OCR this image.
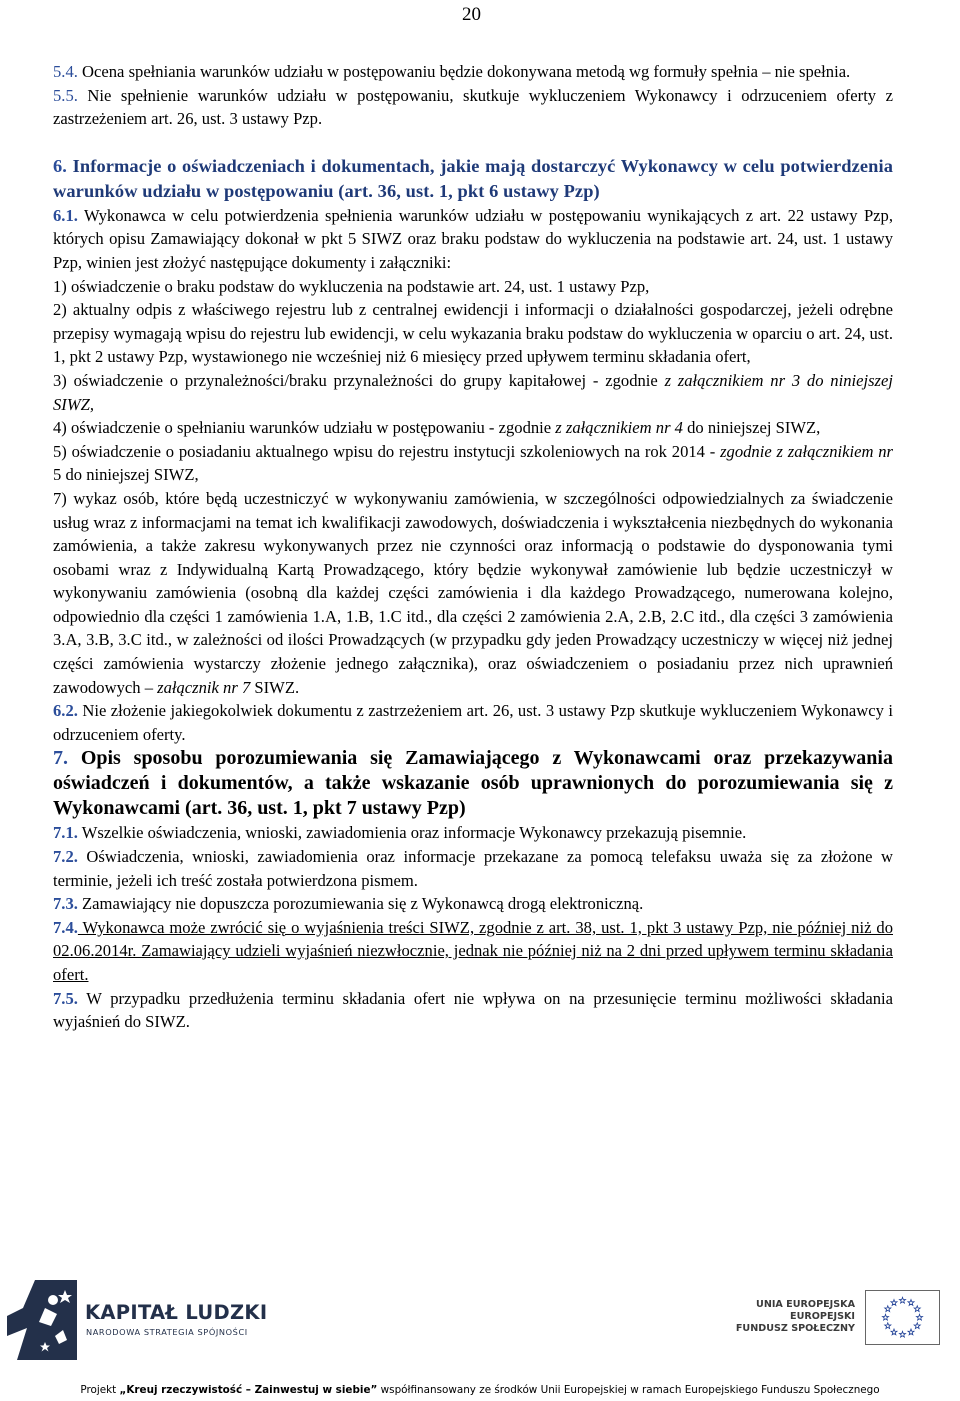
20

5.4. Ocena spełniania warunków udziału w postępowaniu będzie dokonywana metodą wg formuły spełnia – nie spełnia.

5.5. Nie spełnienie warunków udziału w postępowaniu, skutkuje wykluczeniem Wykonawcy i odrzuceniem oferty z zastrzeżeniem art. 26, ust. 3 ustawy Pzp.

6. Informacje o oświadczeniach i dokumentach, jakie mają dostarczyć Wykonawcy w celu potwierdzenia warunków udziału w postępowaniu (art. 36, ust. 1, pkt 6 ustawy Pzp)

6.1. Wykonawca w celu potwierdzenia spełnienia warunków udziału w postępowaniu wynikających z art. 22 ustawy Pzp, których opisu Zamawiający dokonał w pkt 5 SIWZ oraz braku podstaw do wykluczenia na podstawie art. 24, ust. 1 ustawy Pzp, winien jest złożyć następujące dokumenty i załączniki:

1) oświadczenie o braku podstaw do wykluczenia na podstawie art. 24, ust. 1 ustawy Pzp,

2) aktualny odpis z właściwego rejestru lub z centralnej ewidencji i informacji o działalności gospodarczej, jeżeli odrębne przepisy wymagają wpisu do rejestru lub ewidencji, w celu wykazania braku podstaw do wykluczenia w oparciu o art. 24, ust. 1, pkt 2 ustawy Pzp, wystawionego nie wcześniej niż 6 miesięcy przed upływem terminu składania ofert,

3) oświadczenie o przynależności/braku przynależności do grupy kapitałowej - zgodnie z załącznikiem nr 3 do niniejszej SIWZ,

4) oświadczenie o spełnianiu warunków udziału w postępowaniu - zgodnie z załącznikiem nr 4 do niniejszej SIWZ,

5) oświadczenie o posiadaniu aktualnego wpisu do rejestru instytucji szkoleniowych na rok 2014 - zgodnie z załącznikiem nr 5 do niniejszej SIWZ,

7) wykaz osób, które będą uczestniczyć w wykonywaniu zamówienia, w szczególności odpowiedzialnych za świadczenie usług wraz z informacjami na temat ich kwalifikacji zawodowych, doświadczenia i wykształcenia niezbędnych do wykonania zamówienia, a także zakresu wykonywanych przez nie czynności oraz informacją o podstawie do dysponowania tymi osobami wraz z Indywidualną Kartą Prowadzącego, który będzie wykonywał zamówienie lub będzie uczestniczył w wykonywaniu zamówienia (osobną dla każdej części zamówienia i dla każdego Prowadzącego, numerowana kolejno, odpowiednio dla części 1 zamówienia 1.A, 1.B, 1.C itd., dla części 2 zamówienia 2.A, 2.B, 2.C itd., dla części 3 zamówienia 3.A, 3.B, 3.C itd., w zależności od ilości Prowadzących (w przypadku gdy jeden Prowadzący uczestniczy w więcej niż jednej części zamówienia wystarczy złożenie jednego załącznika), oraz oświadczeniem o posiadaniu przez nich uprawnień zawodowych – załącznik nr 7 SIWZ.

6.2. Nie złożenie jakiegokolwiek dokumentu z zastrzeżeniem art. 26, ust. 3 ustawy Pzp skutkuje wykluczeniem Wykonawcy i odrzuceniem oferty.

7. Opis sposobu porozumiewania się Zamawiającego z Wykonawcami oraz przekazywania oświadczeń i dokumentów, a także wskazanie osób uprawnionych do porozumiewania się z Wykonawcami (art. 36, ust. 1, pkt 7 ustawy Pzp)

7.1. Wszelkie oświadczenia, wnioski, zawiadomienia oraz informacje Wykonawcy przekazują pisemnie.

7.2. Oświadczenia, wnioski, zawiadomienia oraz informacje przekazane za pomocą telefaksu uważa się za złożone w terminie, jeżeli ich treść została potwierdzona pismem.

7.3. Zamawiający nie dopuszcza porozumiewania się z Wykonawcą drogą elektroniczną.

7.4. Wykonawca może zwrócić się o wyjaśnienia treści SIWZ, zgodnie z art. 38, ust. 1, pkt 3 ustawy Pzp, nie później niż do 02.06.2014r. Zamawiający udzieli wyjaśnień niezwłocznie, jednak nie później niż na 2 dni przed upływem terminu składania ofert.

7.5. W przypadku przedłużenia terminu składania ofert nie wpływa on na przesunięcie terminu możliwości składania wyjaśnień do SIWZ.

KAPITAŁ LUDZKI
NARODOWA STRATEGIA SPÓJNOŚCI
UNIA EUROPEJSKA
EUROPEJSKI
FUNDUSZ SPOŁECZNY
Projekt „Kreuj rzeczywistość – Zainwestuj w siebie” współfinansowany ze środków Unii Europejskiej w ramach Europejskiego Funduszu Społecznego
